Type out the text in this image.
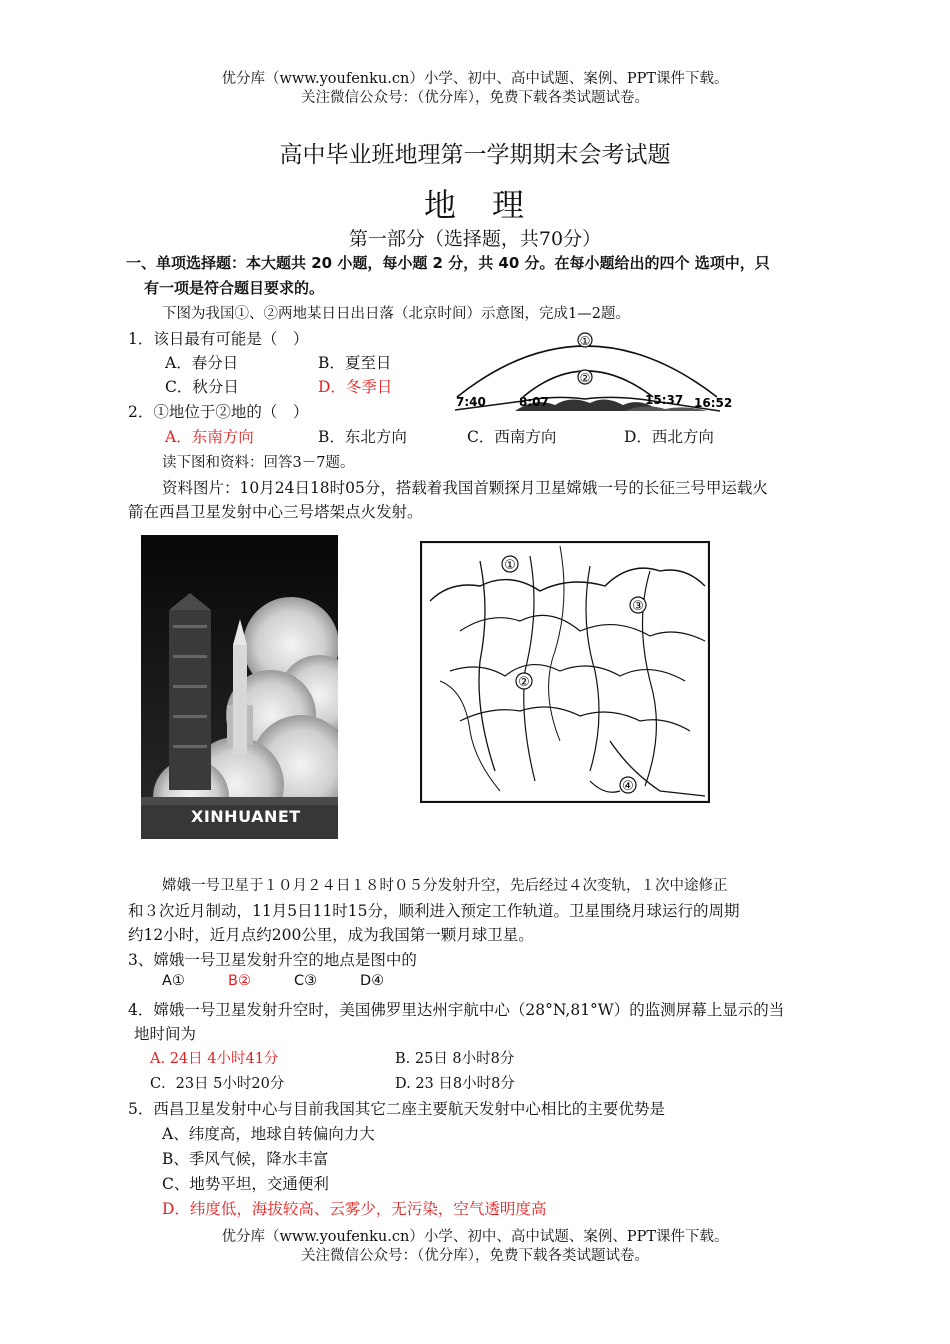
优分库（www.youfenku.cn）小学、初中、高中试题、案例、PPT课件下载。
关注微信公众号：（优分库），免费下载各类试题试卷。
高中毕业班地理第一学期期末会考试题
地　理
第一部分（选择题，共70分）
一、单项选择题：本大题共 20 小题，每小题 2 分，共 40 分。在每小题给出的四个 选项中，只
有一项是符合题目要求的。
下图为我国①、②两地某日日出日落（北京时间）示意图，完成1—2题。
1．该日最有可能是（　）
A．春分日	B．夏至日
C．秋分日	D．冬季日
2．①地位于②地的（　）
A．东南方向	B．东北方向	C．西南方向	D．西北方向
①
②
7:40	8:07	15:37 16:52
读下图和资料：回答3－7题。
资料图片：10月24日18时05分，搭载着我国首颗探月卫星嫦娥一号的长征三号甲运载火
箭在西昌卫星发射中心三号塔架点火发射。
XINHUANET
①
②
③
④
嫦娥一号卫星于１０月２４日１８时０５分发射升空，先后经过４次变轨，１次中途修正
和３次近月制动，11月5日11时15分，顺利进入预定工作轨道。卫星围绕月球运行的周期
约12小时，近月点约200公里，成为我国第一颗月球卫星。
3、嫦娥一号卫星发射升空的地点是图中的
A①	B②	C③	D④
4．嫦娥一号卫星发射升空时，美国佛罗里达州宇航中心（28°N,81°W）的监测屏幕上显示的当
地时间为
A. 24日 4小时41分	B. 25日 8小时8分
C．23日 5小时20分	D. 23 日8小时8分
5．西昌卫星发射中心与目前我国其它二座主要航天发射中心相比的主要优势是
A、纬度高，地球自转偏向力大
B、季风气候，降水丰富
C、地势平坦，交通便利
D．纬度低，海拔较高、云雾少，无污染，空气透明度高
优分库（www.youfenku.cn）小学、初中、高中试题、案例、PPT课件下载。
关注微信公众号：（优分库），免费下载各类试题试卷。
